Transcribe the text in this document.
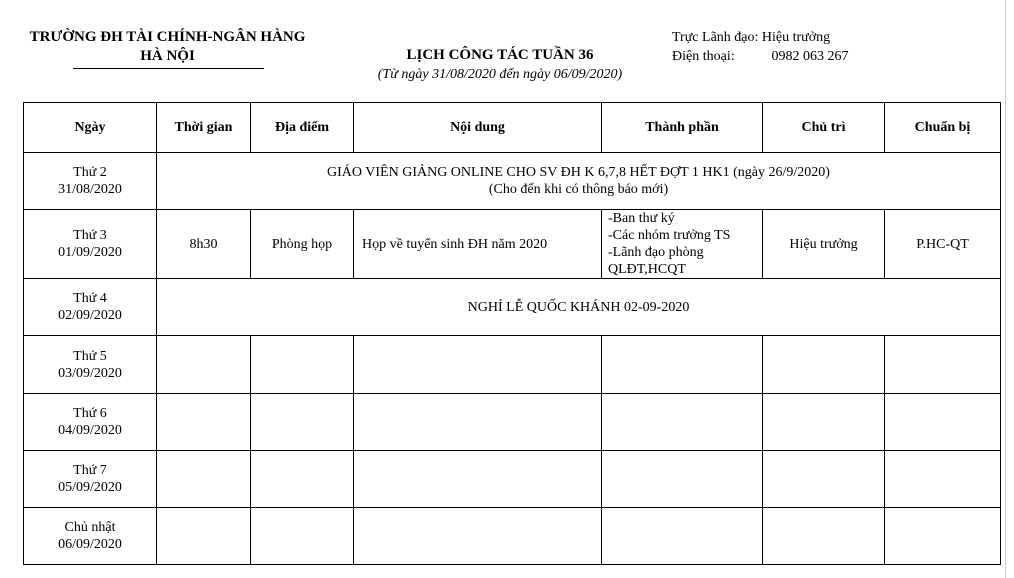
TRƯỜNG ĐH TÀI CHÍNH-NGÂN HÀNG
HÀ NỘI	LỊCH CÔNG TÁC TUẦN 36
(Từ ngày 31/08/2020 đến ngày 06/09/2020)
Trực Lãnh đạo: Hiệu trưởng
Điện thoại:	0982 063 267
Ngày	Thời gian	Địa điểm	Nội dung	Thành phần	Chủ trì	Chuẩn bị

Thứ 2
31/08/2020	GIÁO VIÊN GIẢNG ONLINE CHO SV ĐH K 6,7,8 HẾT ĐỢT 1 HK1 (ngày 26/9/2020)
(Cho đến khi có thông báo mới)					

Thứ 3
01/09/2020	8h30	Phòng họp	Họp về tuyển sinh ĐH năm 2020	-Ban thư ký
-Các nhóm trưởng TS
-Lãnh đạo phòng QLĐT,HCQT	Hiệu trưởng	P.HC-QT

Thứ 4
02/09/2020	NGHỈ LỄ QUỐC KHÁNH 02-09-2020					

Thứ 5
03/09/2020						

Thứ 6
04/09/2020						

Thứ 7
05/09/2020						

Chủ nhật
06/09/2020						
